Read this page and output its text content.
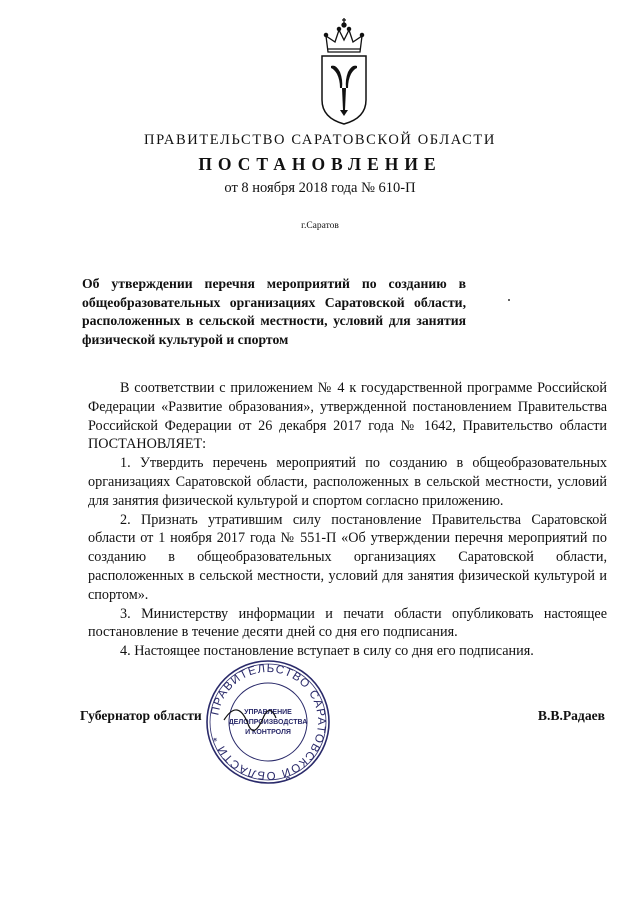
ПРАВИТЕЛЬСТВО САРАТОВСКОЙ ОБЛАСТИ
ПОСТАНОВЛЕНИЕ
от 8 ноября 2018 года № 610-П
г.Саратов
Об утверждении перечня мероприятий по созданию в общеобразовательных организациях Саратовской области, расположенных в сельской местности, условий для занятия физической культурой и спортом

В соответствии с приложением № 4 к государственной программе Российской Федерации «Развитие образования», утвержденной постановлением Правительства Российской Федерации от 26 декабря 2017 года № 1642, Правительство области ПОСТАНОВЛЯЕТ:

1. Утвердить перечень мероприятий по созданию в общеобразовательных организациях Саратовской области, расположенных в сельской местности, условий для занятия физической культурой и спортом согласно приложению.

2. Признать утратившим силу постановление Правительства Саратовской области от 1 ноября 2017 года № 551-П «Об утверждении перечня мероприятий по созданию в общеобразовательных организациях Саратовской области, расположенных в сельской местности, условий для занятия физической культурой и спортом».

3. Министерству информации и печати области опубликовать настоящее постановление в течение десяти дней со дня его подписания.

4. Настоящее постановление вступает в силу со дня его подписания.

Губернатор области	В.В.Радаев
ПРАВИТЕЛЬСТВО САРАТОВСКОЙ ОБЛАСТИ *
УПРАВЛЕНИЕ
ДЕЛОПРОИЗВОДСТВА
И КОНТРОЛЯ
